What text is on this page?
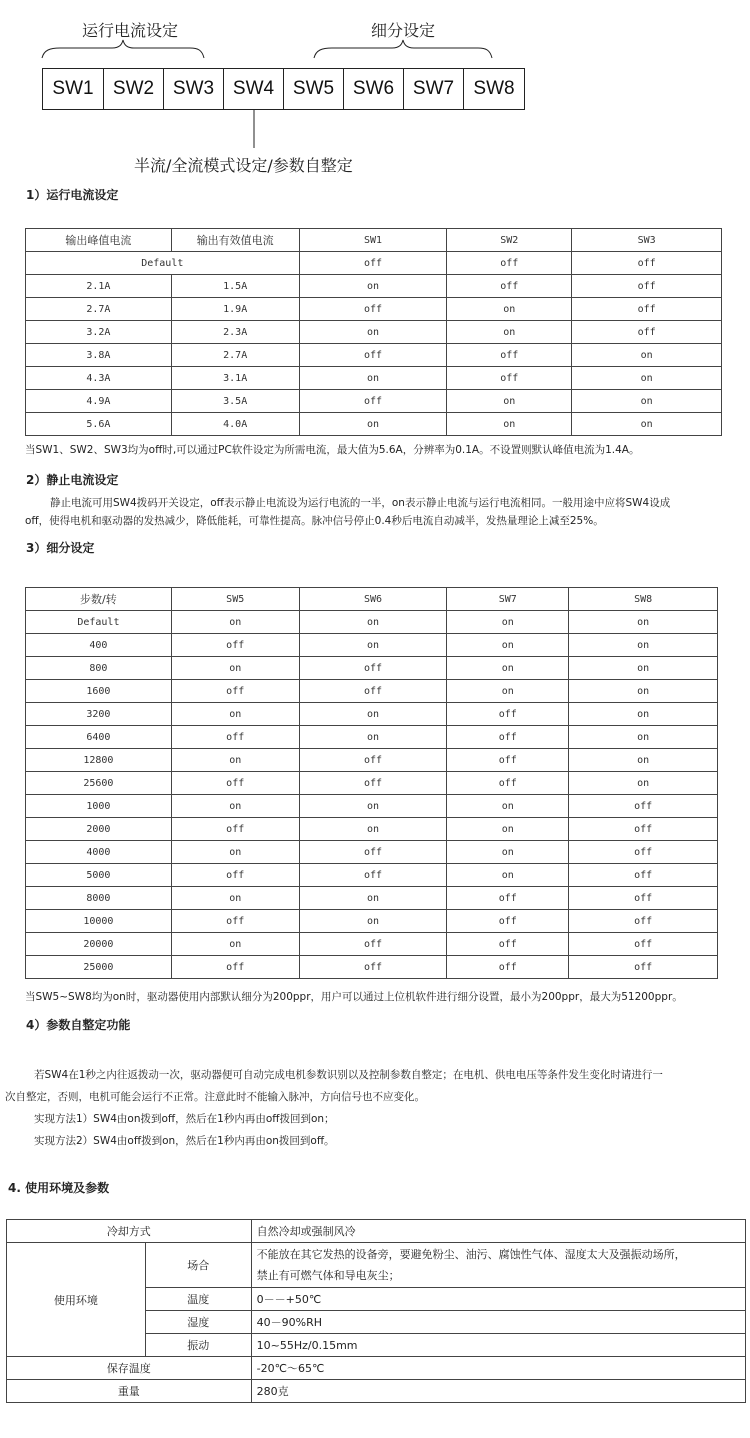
运行电流设定	细分设定
SW1	SW2 SW3 SW4 SW5 SW6 SW7	SW8
半流/全流模式设定/参数自整定
1）运行电流设定
输出峰值电流	输出有效值电流	SW1	SW2	SW3
Default		off	off	off
2.1A	1.5A	on	off	off
2.7A	1.9A	off	on	off
3.2A	2.3A	on	on	off
3.8A	2.7A	off	off	on
4.3A	3.1A	on	off	on
4.9A	3.5A	off	on	on
5.6A	4.0A	on	on	on
当SW1、SW2、SW3均为off时,可以通过PC软件设定为所需电流，最大值为5.6A，分辨率为0.1A。不设置则默认峰值电流为1.4A。
2）静止电流设定
静止电流可用SW4拨码开关设定，off表示静止电流设为运行电流的一半，on表示静止电流与运行电流相同。一般用途中应将SW4设成
off，使得电机和驱动器的发热减少，降低能耗，可靠性提高。脉冲信号停止0.4秒后电流自动减半，发热量理论上减至25%。
3）细分设定
步数/转	SW5	SW6	SW7	SW8
Default	on	on	on	on
400	off	on	on	on
800	on	off	on	on
1600	off	off	on	on
3200	on	on	off	on
6400	off	on	off	on
12800	on	off	off	on
25600	off	off	off	on
1000	on	on	on	off
2000	off	on	on	off
4000	on	off	on	off
5000	off	off	on	off
8000	on	on	off	off
10000	off	on	off	off
20000	on	off	off	off
25000	off	off	off	off
当SW5~SW8均为on时，驱动器使用内部默认细分为200ppr，用户可以通过上位机软件进行细分设置，最小为200ppr，最大为51200ppr。
4）参数自整定功能
若SW4在1秒之内往返拨动一次，驱动器便可自动完成电机参数识别以及控制参数自整定；在电机、供电电压等条件发生变化时请进行一
次自整定，否则，电机可能会运行不正常。注意此时不能输入脉冲，方向信号也不应变化。
实现方法1）SW4由on拨到off，然后在1秒内再由off拨回到on；
实现方法2）SW4由off拨到on，然后在1秒内再由on拨回到off。
4. 使用环境及参数
冷却方式		自然冷却或强制风冷
使用环境	场合	不能放在其它发热的设备旁，要避免粉尘、油污、腐蚀性气体、湿度太大及强振动场所，
禁止有可燃气体和导电灰尘；

	温度	0－－+50℃
	湿度	40－90%RH
	振动	10~55Hz/0.15mm
保存温度		-20℃～65℃
重量		280克
